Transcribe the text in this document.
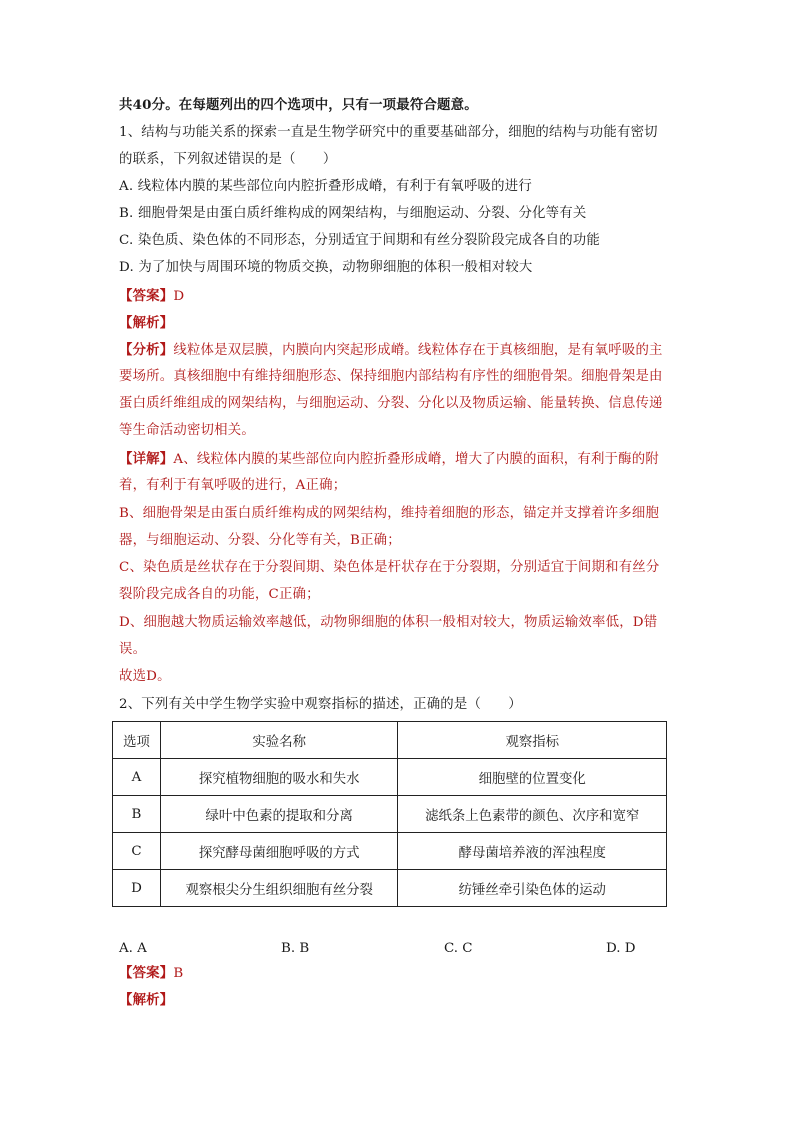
共40分。在每题列出的四个选项中，只有一项最符合题意。
1、结构与功能关系的探索一直是生物学研究中的重要基础部分，细胞的结构与功能有密切
的联系，下列叙述错误的是（　　）
A. 线粒体内膜的某些部位向内腔折叠形成嵴，有利于有氧呼吸的进行
B. 细胞骨架是由蛋白质纤维构成的网架结构，与细胞运动、分裂、分化等有关
C. 染色质、染色体的不同形态，分别适宜于间期和有丝分裂阶段完成各自的功能
D. 为了加快与周围环境的物质交换，动物卵细胞的体积一般相对较大
【答案】D
【解析】
【分析】线粒体是双层膜，内膜向内突起形成嵴。线粒体存在于真核细胞，是有氧呼吸的主
要场所。真核细胞中有维持细胞形态、保持细胞内部结构有序性的细胞骨架。细胞骨架是由
蛋白质纤维组成的网架结构，与细胞运动、分裂、分化以及物质运输、能量转换、信息传递
等生命活动密切相关。
【详解】A、线粒体内膜的某些部位向内腔折叠形成嵴，增大了内膜的面积，有利于酶的附
着，有利于有氧呼吸的进行，A正确；
B、细胞骨架是由蛋白质纤维构成的网架结构，维持着细胞的形态，锚定并支撑着许多细胞
器，与细胞运动、分裂、分化等有关，B正确；
C、染色质是丝状存在于分裂间期、染色体是杆状存在于分裂期，分别适宜于间期和有丝分
裂阶段完成各自的功能，C正确；
D、细胞越大物质运输效率越低，动物卵细胞的体积一般相对较大，物质运输效率低，D错
误。
故选D。
2、下列有关中学生物学实验中观察指标的描述，正确的是（　　）
选项	实验名称	观察指标
A	探究植物细胞的吸水和失水	细胞壁的位置变化
B	绿叶中色素的提取和分离	滤纸条上色素带的颜色、次序和宽窄
C	探究酵母菌细胞呼吸的方式	酵母菌培养液的浑浊程度
D	观察根尖分生组织细胞有丝分裂	纺锤丝牵引染色体的运动
A. A	B. B	C. C	D. D
【答案】B
【解析】
